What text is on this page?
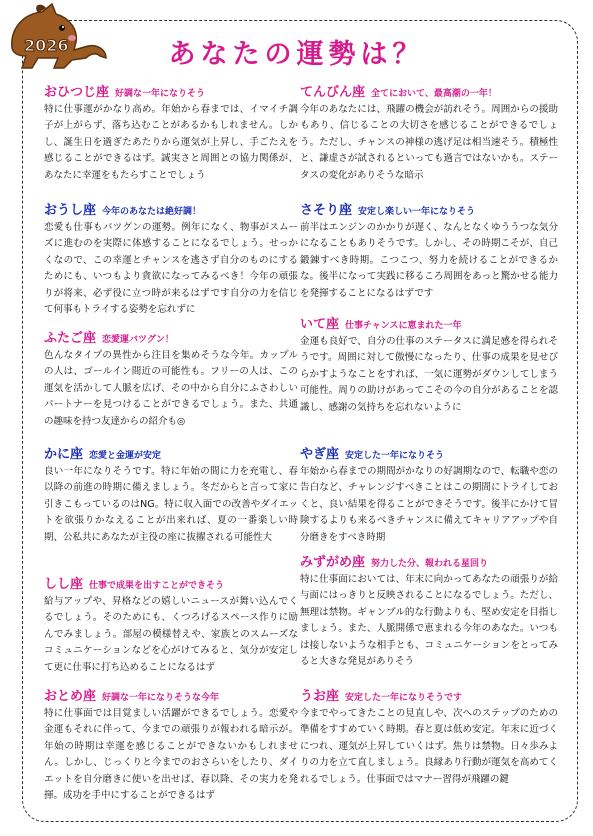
2026	あなたの運勢は？
おひつじ座 好調な一年になりそう
特に仕事運がかなり高め。年始から春までは、イマイチ調子が上がらず、落ち込むことがあるかもしれません。しかし、誕生日を過ぎたあたりから運気が上昇し、手ごたえを感じることができるはず。誠実さと周囲との協力関係が、あなたに幸運をもたらすことでしょう
おうし座 今年のあなたは絶好調！
恋愛も仕事もバツグンの運勢。例年になく、物事がスムーズに進むのを実際に体感することになるでしょう。せっかくなので、この幸運とチャンスを逃さず自分のものにするためにも、いつもより貪欲になってみるべき！今年の頑張りが将来、必ず役に立つ時が来るはずです自分の力を信じて何事もトライする姿勢を忘れずに
ふたご座 恋愛運バツグン！
色んなタイプの異性から注目を集めそうな今年。カップルの人は、ゴールイン間近の可能性も。フリーの人は、この運気を活かして人脈を広げ、その中から自分にふさわしいパートナーを見つけることができるでしょう。また、共通の趣味を持つ友達からの紹介も◎
かに座 恋愛と金運が安定
良い一年になりそうです。特に年始の間に力を充電し、春以降の前進の時期に備えましょう。冬だからと言って家に引きこもっているのはNG。特に収入面での改善やダイエットを欲張りかなえることが出来れば、夏の一番楽しい時期、公私共にあなたが主役の座に抜擢される可能性大
しし座 仕事で成果を出すことができそう
給与アップや、昇格などの嬉しいニュースが舞い込んでくるでしょう。そのためにも、くつろげるスペース作りに励んでみましょう。部屋の模様替えや、家族とのスムーズなコミュニケーションなどを心がけてみると、気分が安定して更に仕事に打ち込めることになるはず
おとめ座 好調な一年になりそうな今年
特に仕事面では目覚ましい活躍ができるでしょう。恋愛や金運もそれに伴って、今までの頑張りが報われる暗示が。年始の時期は幸運を感じることができないかもしれません。しかし、じっくりと今までのおさらいをしたり、ダイエットを自分磨きに使いを出せば、春以降、その実力を発揮。成功を手中にすることができるはず
てんびん座 全てにおいて、最高潮の一年！
今年のあなたには、飛躍の機会が訪れそう。周囲からの援助もあり、信じることの大切さを感じることができるでしょう。ただし、チャンスの神様の逃げ足は相当速そう。積極性と、謙虚さが試されるといっても過言ではないかも。ステータスの変化がありそうな暗示
さそり座 安定し楽しい一年になりそう
前半はエンジンのかかりが遅く、なんとなくゆううつな気分になることもありそうです。しかし、その時期こそが、自己鍛錬すべき時期。こつこつ、努力を続けることができるかな。後半になって実践に移るころ周囲をあっと驚かせる能力を発揮することになるはずです
いて座 仕事チャンスに恵まれた一年
金運も良好で、自分の仕事のステータスに満足感を得られそうです。周囲に対して傲慢になったり、仕事の成果を見せびらかすようなことをすれば、一気に運勢がダウンしてしまう可能性。周りの助けがあってこその今の自分があることを認識し、感謝の気持ちを忘れないように
やぎ座 安定した一年になりそう
年始から春までの期間がかなりの好調期なので、転職や恋の告白など、チャレンジすべきことはこの期間にトライしておくと、良い結果を得ることができそうです。後半にかけて冒険するよりも来るべきチャンスに備えてキャリアアップや自分磨きをすべき時期
みずがめ座 努力した分、報われる星回り
特に仕事面においては、年末に向かってあなたの頑張りが給与面にはっきりと反映されることになるでしょう。ただし、無理は禁物。ギャンブル的な行動よりも、堅め安定を目指しましょう。また、人脈開係で恵まれる今年のあなた。いつもは接しないような相手とも、コミュニケーションをとってみると大きな発見がありそう
うお座 安定した一年になりそうです
今までやってきたことの見直しや、次へのステップのための準備をすすめていく時期。春と夏は低め安定。年末に近づくにつれ、運気が上昇していくはず。焦りは禁物。日々歩みよりの力を立て直しましょう。良縁あり行動が運気を高めてくれるでしょう。仕事面ではマナー習得が飛躍の鍵
